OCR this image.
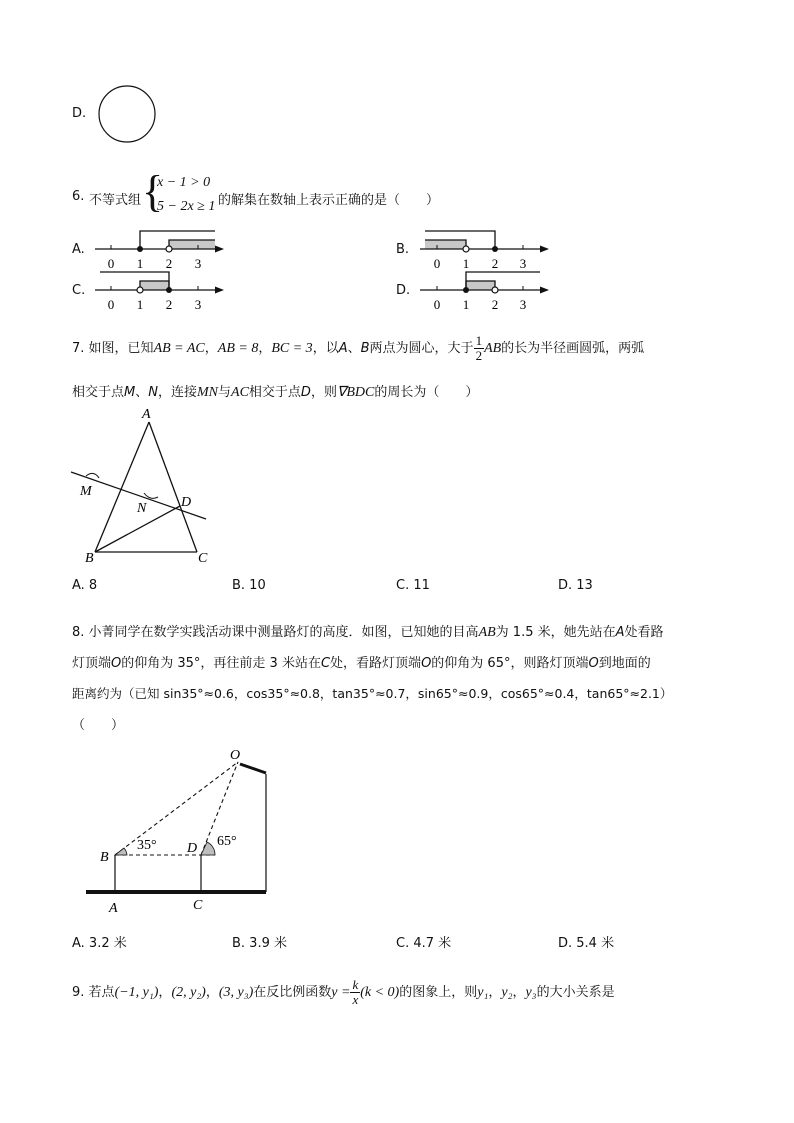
D.
6. 不等式组 {
x − 1 > 0
5 − 2x ≥ 1 的解集在数轴上表示正确的是（　　）
A.
0 1 2 3
B.
0 1 2 3
C.
0 1 2 3
D.
0 1 2 3
7. 如图，已知AB = AC，AB = 8，BC = 3，以A、B两点为圆心，大于 $\frac{1}{2}$ AB的长为半径画圆弧，两弧
相交于点M、N，连接MN与AC相交于点D，则∇BDC的周长为（　　）
A
M
N D
B	C
A. 8	B. 10	C. 11	D. 13
8. 小菁同学在数学实践活动课中测量路灯的高度．如图，已知她的目高AB为 1.5 米，她先站在A处看路
灯顶端O的仰角为 35°，再往前走 3 米站在C处，看路灯顶端O的仰角为 65°，则路灯顶端O到地面的
距离约为（已知 sin35°≈0.6，cos35°≈0.8，tan35°≈0.7，sin65°≈0.9，cos65°≈0.4，tan65°≈2.1）
（　　）
O
35°	65°
B
D
A	C
A. 3.2 米	B. 3.9 米	C. 4.7 米	D. 5.4 米
9. 若点(−1, y₁)，(2, y₂)，(3, y₃)在反比例函数$y = \frac{k}{x} (k < 0)$的图象上，则y₁，y₂，y₃的大小关系是
